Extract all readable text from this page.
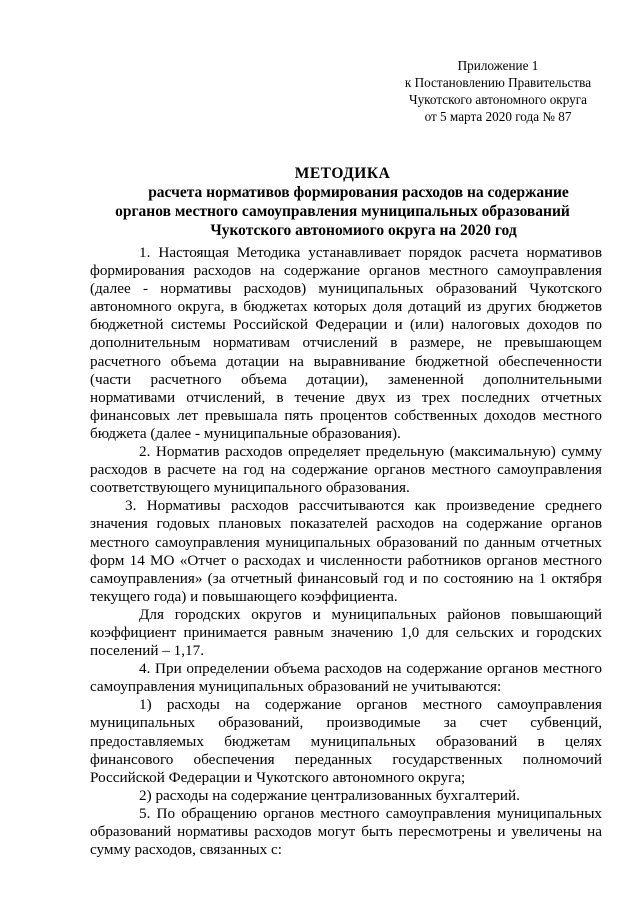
Приложение 1
к Постановлению Правительства
Чукотского автономного округа
от 5 марта 2020 года № 87
МЕТОДИКА
расчета нормативов формирования расходов на содержание
органов местного самоуправления муниципальных образований
Чукотского автономиого округа на 2020 год

1. Настоящая Методика устанавливает порядок расчета нормативов формирования расходов на содержание органов местного самоуправления (далее - нормативы расходов) муниципальных образований Чукотского автономного округа, в бюджетах которых доля дотаций из других бюджетов бюджетной системы Российской Федерации и (или) налоговых доходов по дополнительным нормативам отчислений в размере, не превышающем расчетного объема дотации на выравнивание бюджетной обеспеченности (части расчетного объема дотации), замененной дополнительными нормативами отчислений, в течение двух из трех последних отчетных финансовых лет превышала пять процентов собственных доходов местного бюджета (далее - муниципальные образования).

2. Норматив расходов определяет предельную (максимальную) сумму расходов в расчете на год на содержание органов местного самоуправления соответствующего муниципального образования.

3. Нормативы расходов рассчитываются как произведение среднего значения годовых плановых показателей расходов на содержание органов местного самоуправления муниципальных образований по данным отчетных форм 14 МО «Отчет о расходах и численности работников органов местного самоуправления» (за отчетный финансовый год и по состоянию на 1 октября текущего года) и повышающего коэффициента.

Для городских округов и муниципальных районов повышающий коэффициент принимается равным значению 1,0 для сельских и городских поселений – 1,17.

4. При определении объема расходов на содержание органов местного самоуправления муниципальных образований не учитываются:

1) расходы на содержание органов местного самоуправления муниципальных образований, производимые за счет субвенций, предоставляемых бюджетам муниципальных образований в целях финансового обеспечения переданных государственных полномочий Российской Федерации и Чукотского автономного округа;

2) расходы на содержание централизованных бухгалтерий.

5. По обращению органов местного самоуправления муниципальных образований нормативы расходов могут быть пересмотрены и увеличены на сумму расходов, связанных с:
